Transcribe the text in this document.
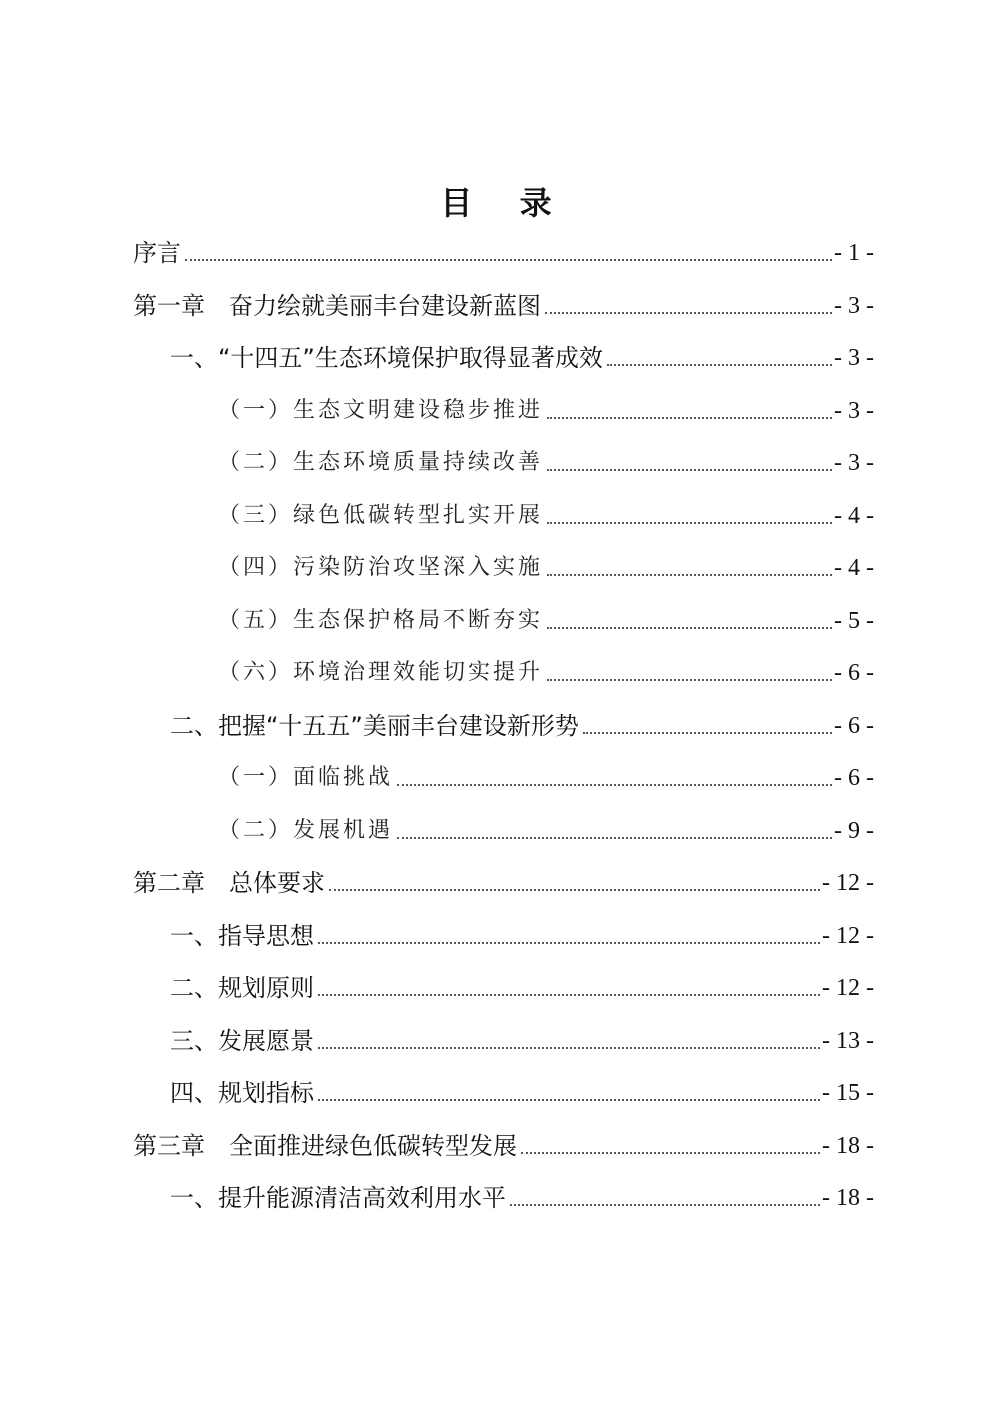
目 录
序言	- 1 -
第一章　奋力绘就美丽丰台建设新蓝图	- 3 -
一、“十四五”生态环境保护取得显著成效	- 3 -
（一）生态文明建设稳步推进	- 3 -
（二）生态环境质量持续改善	- 3 -
（三）绿色低碳转型扎实开展	- 4 -
（四）污染防治攻坚深入实施	- 4 -
（五）生态保护格局不断夯实	- 5 -
（六）环境治理效能切实提升	- 6 -
二、把握“十五五”美丽丰台建设新形势	- 6 -
（一）面临挑战	- 6 -
（二）发展机遇	- 9 -
第二章　总体要求	- 12 -
一、指导思想	- 12 -
二、规划原则	- 12 -
三、发展愿景	- 13 -
四、规划指标	- 15 -
第三章　全面推进绿色低碳转型发展	- 18 -
一、提升能源清洁高效利用水平	- 18 -
